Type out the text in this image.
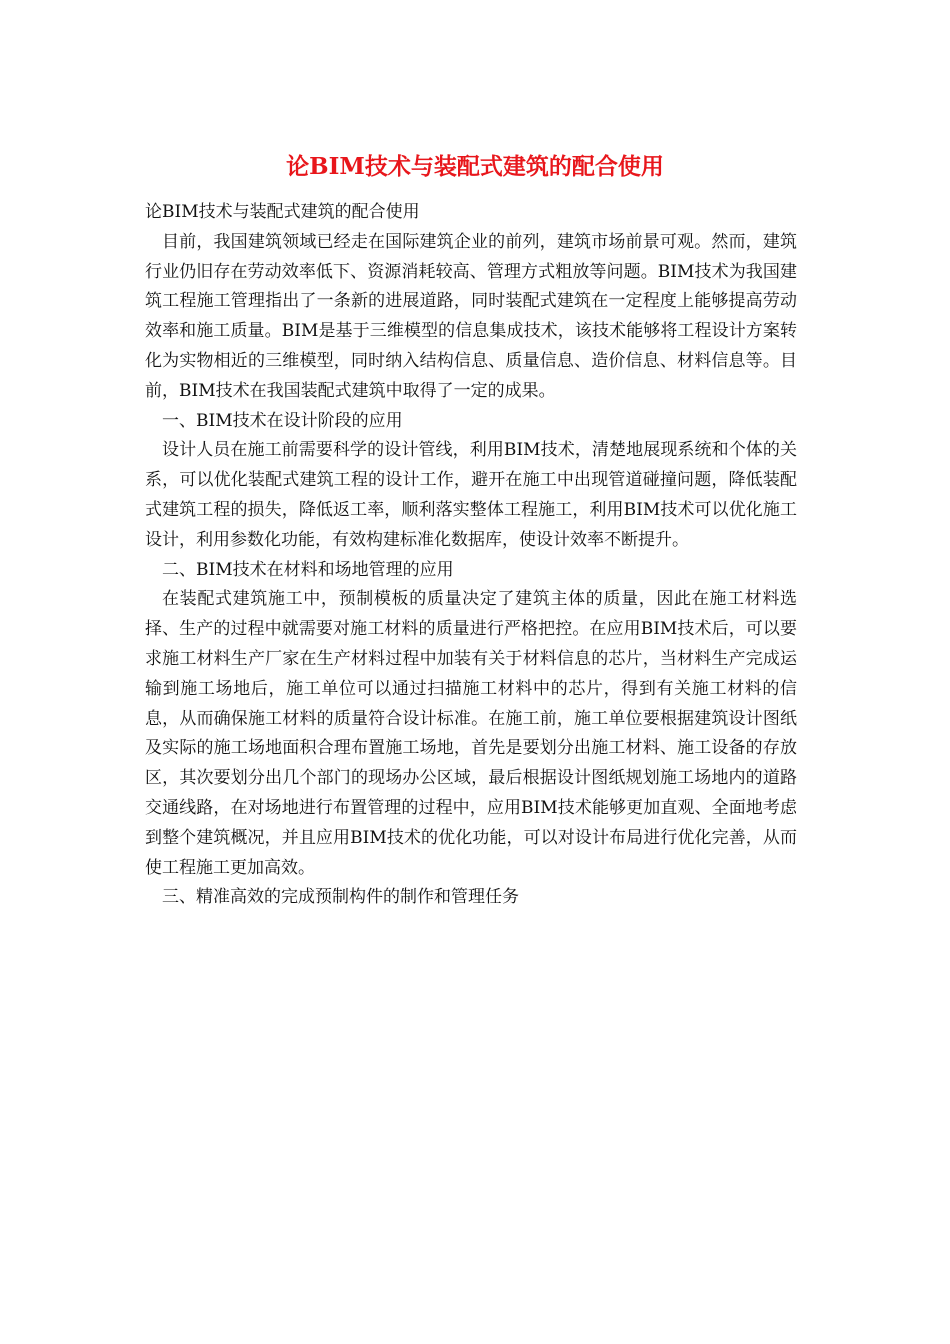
论BIM技术与装配式建筑的配合使用

论BIM技术与装配式建筑的配合使用

目前，我国建筑领域已经走在国际建筑企业的前列，建筑市场前景可观。然而，建筑行业仍旧存在劳动效率低下、资源消耗较高、管理方式粗放等问题。BIM技术为我国建筑工程施工管理指出了一条新的进展道路，同时装配式建筑在一定程度上能够提高劳动效率和施工质量。BIM是基于三维模型的信息集成技术，该技术能够将工程设计方案转化为实物相近的三维模型，同时纳入结构信息、质量信息、造价信息、材料信息等。目前，BIM技术在我国装配式建筑中取得了一定的成果。

一、BIM技术在设计阶段的应用

设计人员在施工前需要科学的设计管线，利用BIM技术，清楚地展现系统和个体的关系，可以优化装配式建筑工程的设计工作，避开在施工中出现管道碰撞问题，降低装配式建筑工程的损失，降低返工率，顺利落实整体工程施工，利用BIM技术可以优化施工设计，利用参数化功能，有效构建标准化数据库，使设计效率不断提升。

二、BIM技术在材料和场地管理的应用

在装配式建筑施工中，预制模板的质量决定了建筑主体的质量，因此在施工材料选择、生产的过程中就需要对施工材料的质量进行严格把控。在应用BIM技术后，可以要求施工材料生产厂家在生产材料过程中加装有关于材料信息的芯片，当材料生产完成运输到施工场地后，施工单位可以通过扫描施工材料中的芯片，得到有关施工材料的信息，从而确保施工材料的质量符合设计标准。在施工前，施工单位要根据建筑设计图纸及实际的施工场地面积合理布置施工场地，首先是要划分出施工材料、施工设备的存放区，其次要划分出几个部门的现场办公区域，最后根据设计图纸规划施工场地内的道路交通线路，在对场地进行布置管理的过程中，应用BIM技术能够更加直观、全面地考虑到整个建筑概况，并且应用BIM技术的优化功能，可以对设计布局进行优化完善，从而使工程施工更加高效。

三、精准高效的完成预制构件的制作和管理任务
